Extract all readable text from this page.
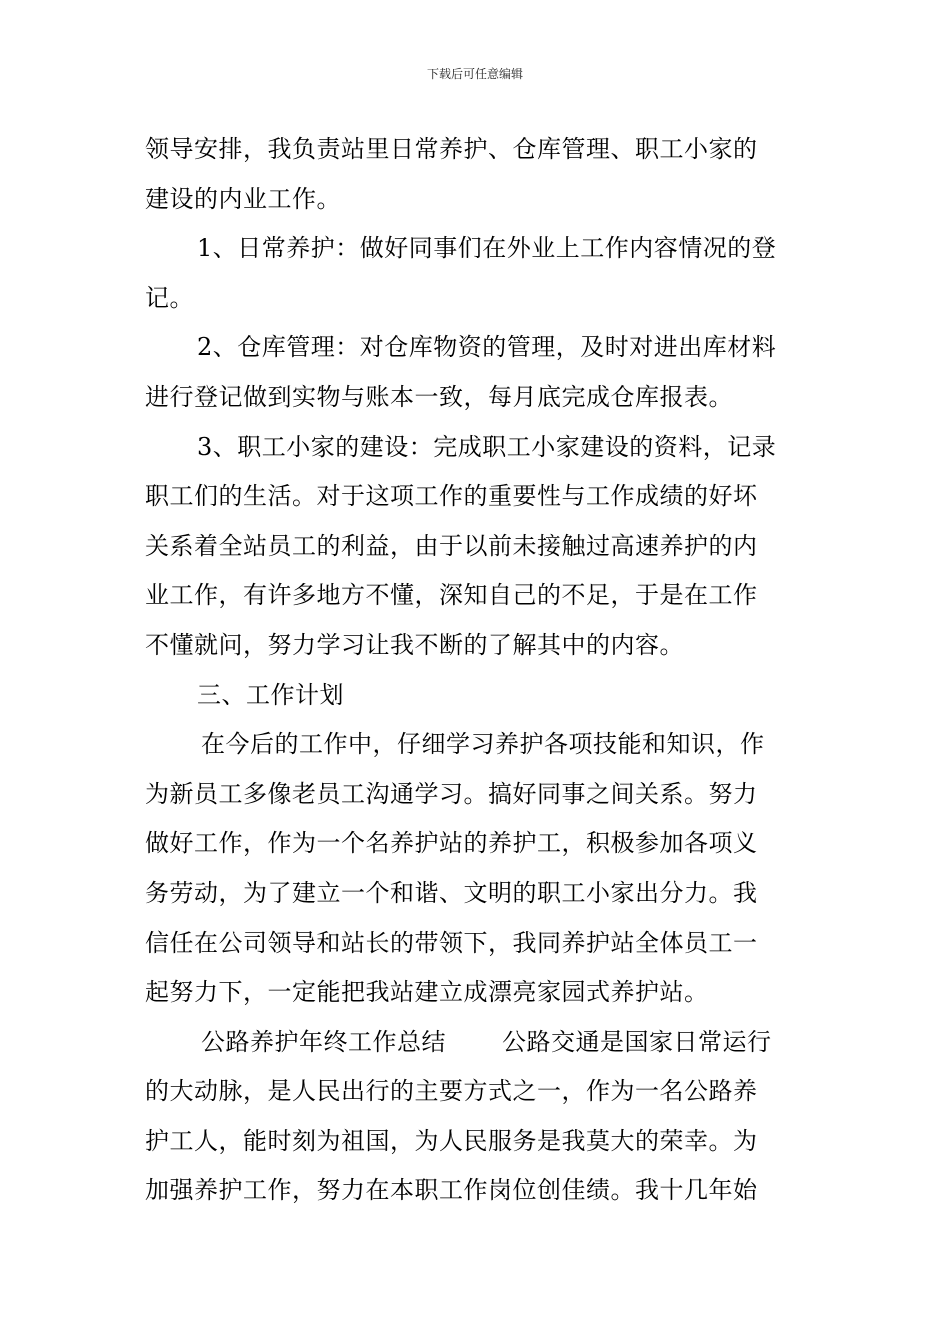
下载后可任意编辑
领导安排，我负责站里日常养护、仓库管理、职工小家的
建设的内业工作。
1、日常养护：做好同事们在外业上工作内容情况的登
记。
2、仓库管理：对仓库物资的管理，及时对进出库材料
进行登记做到实物与账本一致，每月底完成仓库报表。
3、职工小家的建设：完成职工小家建设的资料，记录
职工们的生活。对于这项工作的重要性与工作成绩的好坏
关系着全站员工的利益，由于以前未接触过高速养护的内
业工作，有许多地方不懂，深知自己的不足，于是在工作
不懂就问，努力学习让我不断的了解其中的内容。
三、工作计划
在今后的工作中，仔细学习养护各项技能和知识，作
为新员工多像老员工沟通学习。搞好同事之间关系。努力
做好工作，作为一个名养护站的养护工，积极参加各项义
务劳动，为了建立一个和谐、文明的职工小家出分力。我
信任在公司领导和站长的带领下，我同养护站全体员工一
起努力下，一定能把我站建立成漂亮家园式养护站。
公路养护年终工作总结 公路交通是国家日常运行
的大动脉，是人民出行的主要方式之一，作为一名公路养
护工人，能时刻为祖国，为人民服务是我莫大的荣幸。为
加强养护工作，努力在本职工作岗位创佳绩。我十几年始
